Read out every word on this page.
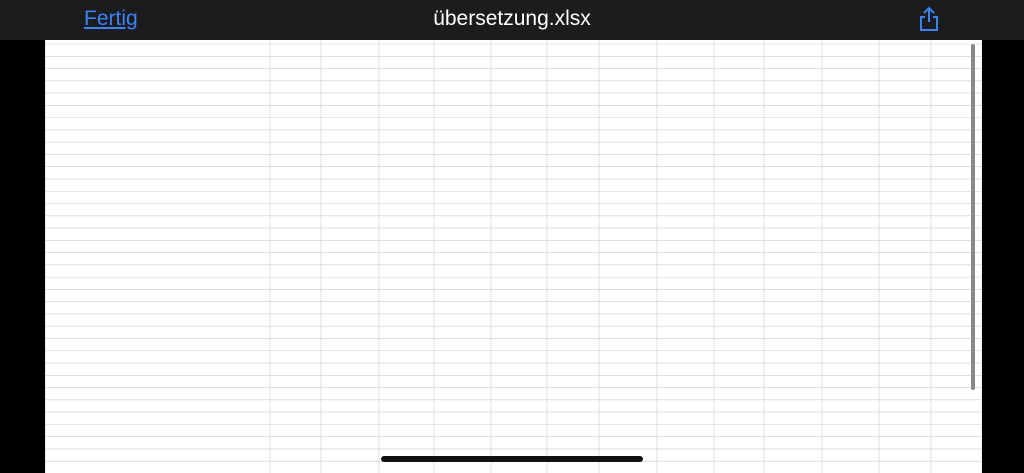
Fertig	übersetzung.xlsx
